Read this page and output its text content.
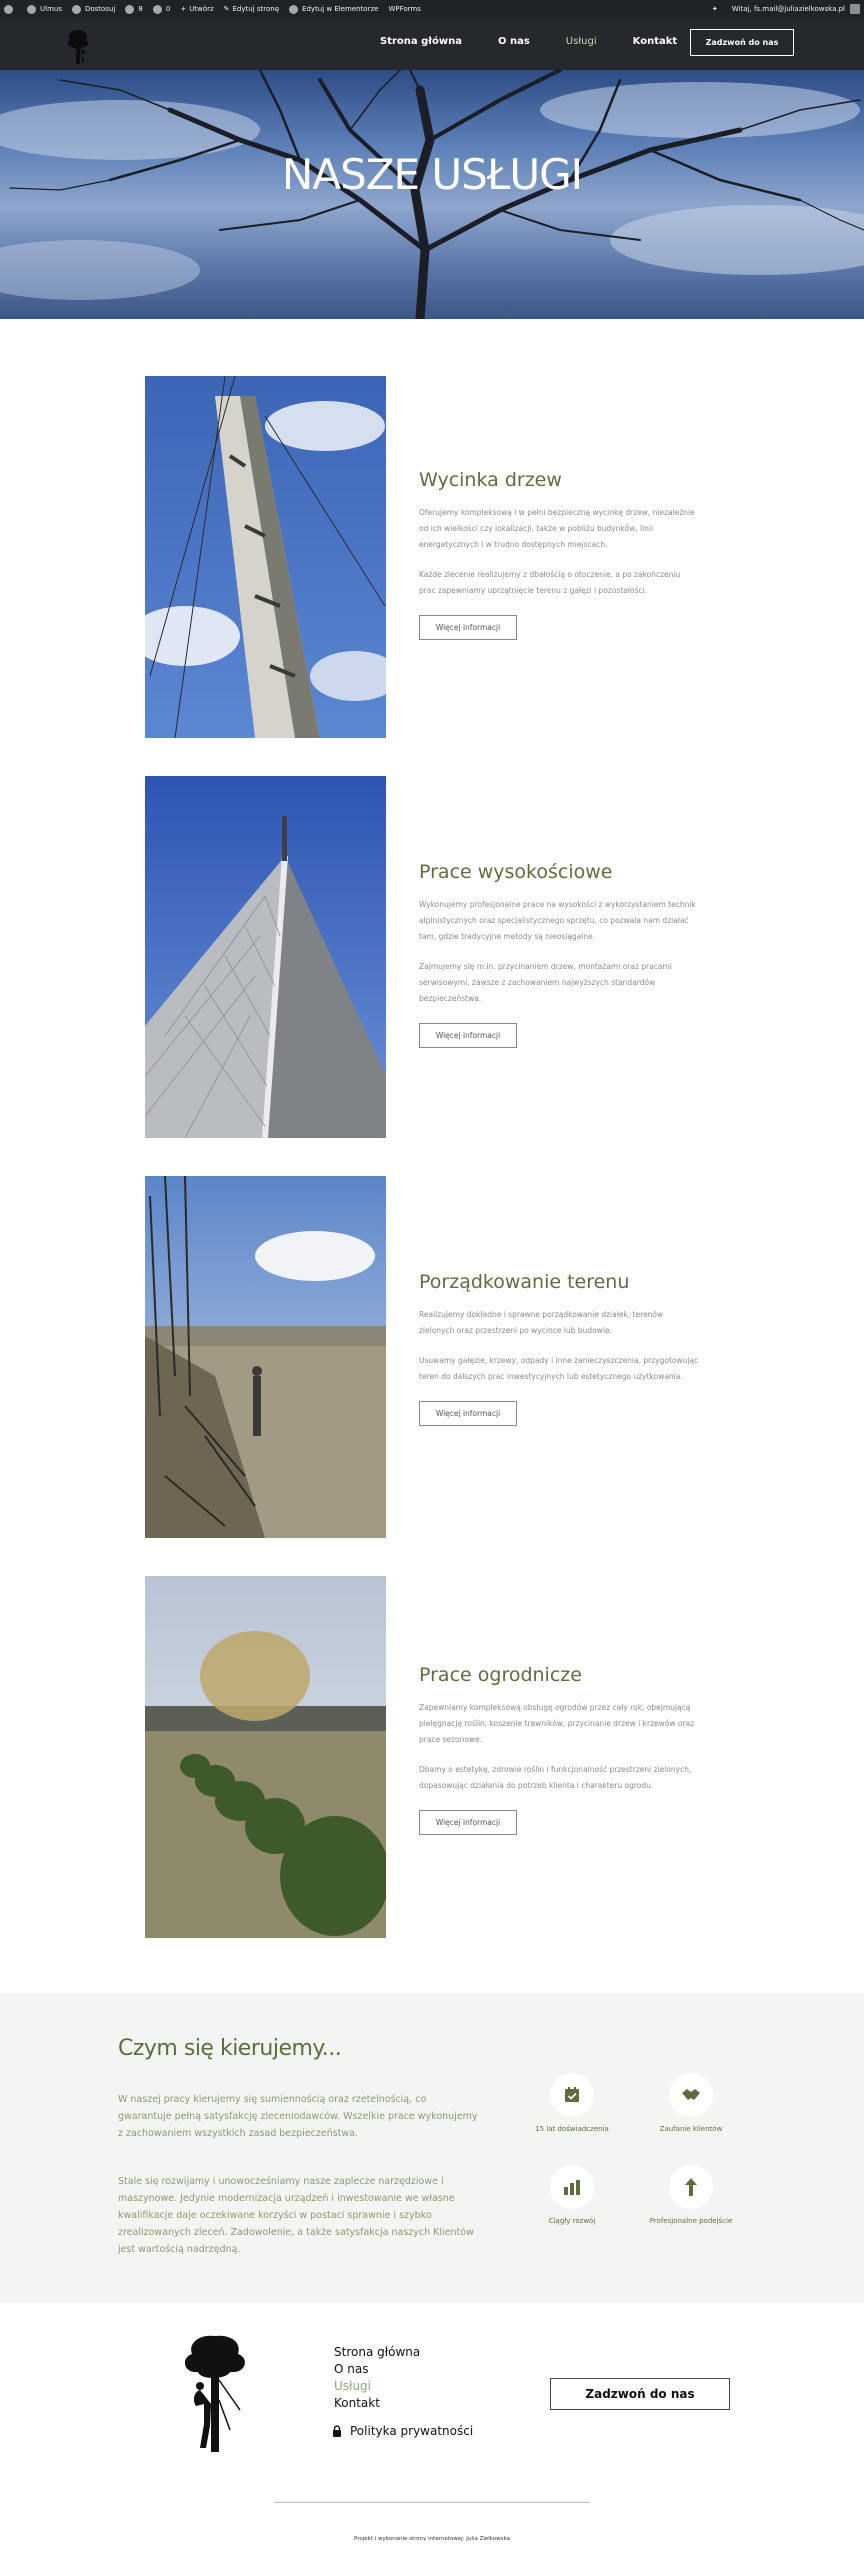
Ulmus	Dostosuj	8	0 + Utwórz ✎ Edytuj stronę	Edytuj w Elementorze WPForms	✦ Witaj, fs.mail@juliazielkowska.pl
Strona główna	O nas	Usługi	Kontakt	Zadzwoń do nas
NASZE USŁUGI
Wycinka drzew

Oferujemy kompleksową i w pełni bezpieczną wycinkę drzew, niezależnie od ich wielkości czy lokalizacji, także w pobliżu budynków, linii energetycznych i w trudno dostępnych miejscach.

Każde zlecenie realizujemy z dbałością o otoczenie, a po zakończeniu prac zapewniamy uprzątnięcie terenu z gałęzi i pozostałości.

Więcej informacji
Prace wysokościowe

Wykonujemy profesjonalne prace na wysokości z wykorzystaniem technik alpinistycznych oraz specjalistycznego sprzętu, co pozwala nam działać tam, gdzie tradycyjne metody są nieosiągalne.

Zajmujemy się m.in. przycinaniem drzew, montażami oraz pracami serwisowymi, zawsze z zachowaniem najwyższych standardów bezpieczeństwa.

Więcej informacji
Porządkowanie terenu

Realizujemy dokładne i sprawne porządkowanie działek, terenów zielonych oraz przestrzeni po wycince lub budowie.

Usuwamy gałęzie, krzewy, odpady i inne zanieczyszczenia, przygotowując teren do dalszych prac inwestycyjnych lub estetycznego użytkowania.

Więcej informacji
Prace ogrodnicze

Zapewniamy kompleksową obsługę ogrodów przez cały rok, obejmującą pielęgnację roślin, koszenie trawników, przycinanie drzew i krzewów oraz prace sezonowe.

Dbamy o estetykę, zdrowie roślin i funkcjonalność przestrzeni zielonych, dopasowując działania do potrzeb klienta i charakteru ogrodu.

Więcej informacji
Czym się kierujemy...
W naszej pracy kierujemy się sumiennością oraz rzetelnością, co gwarantuje pełną satysfakcję zleceniodawców. Wszelkie prace wykonujemy z zachowaniem wszystkich zasad bezpieczeństwa.
Stale się rozwijamy i unowocześniamy nasze zaplecze narzędziowe i maszynowe. Jedynie modernizacja urządzeń i inwestowanie we własne kwalifikacje daje oczekiwane korzyści w postaci sprawnie i szybko zrealizowanych zleceń. Zadowolenie, a także satysfakcja naszych Klientów jest wartością nadrzędną.
15 lat doświadczenia	Zaufanie klientów
Ciągły rozwój	Profesjonalne podejście
Strona główna
O nas
Usługi
Kontakt
Polityka prywatności
Zadzwoń do nas
Projekt i wykonanie strony internetowej: Julia Zielkowska
